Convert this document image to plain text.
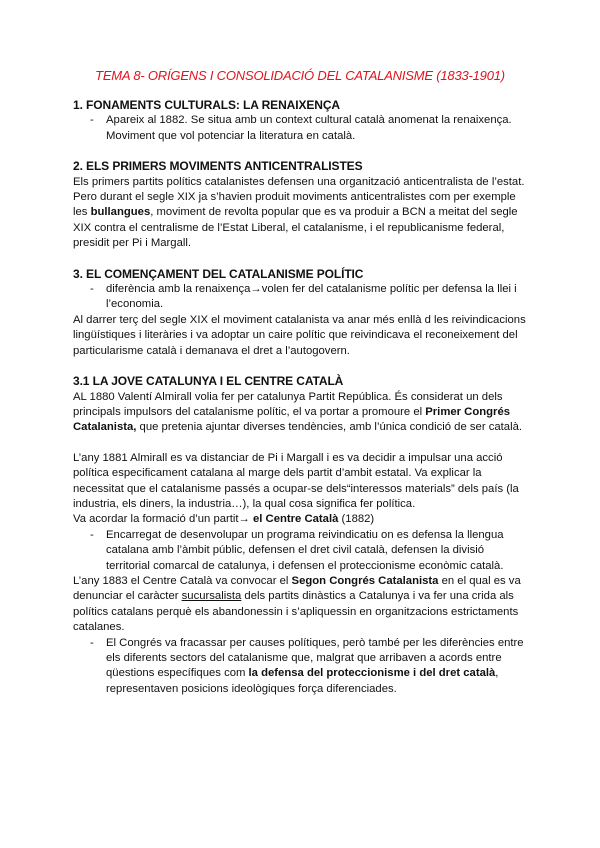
TEMA 8- ORÍGENS I CONSOLIDACIÓ DEL CATALANISME (1833-1901)
1. FONAMENTS CULTURALS: LA RENAIXENÇA
- Apareix al 1882. Se situa amb un context cultural català anomenat la renaixença. Moviment que vol potenciar la literatura en català.
2. ELS PRIMERS MOVIMENTS ANTICENTRALISTES

Els primers partits polítics catalanistes defensen una organització anticentralista de l’estat. Pero durant el segle XIX ja s’havien produit moviments anticentralistes com per exemple les bullangues, moviment de revolta popular que es va produir a BCN a meitat del segle XIX contra el centralisme de l’Estat Liberal, el catalanisme, i el republicanisme federal, presidit per Pi i Margall.

3. EL COMENÇAMENT DEL CATALANISME POLÍTIC
- diferència amb la renaixença→volen fer del catalanisme polític per defensa la llei i l’economia.

Al darrer terç del segle XIX el moviment catalanista va anar més enllà d les reivindicacions lingüístiques i literàries i va adoptar un caire polític que reivindicava el reconeixement del particularisme català i demanava el dret a l’autogovern.

3.1 LA JOVE CATALUNYA I EL CENTRE CATALÀ

AL 1880 Valentí Almirall volia fer per catalunya Partit República. És considerat un dels principals impulsors del catalanisme polític, el va portar a promoure el Primer Congrés Catalanista, que pretenia ajuntar diverses tendències, amb l’única condició de ser català.

L’any 1881 Almirall es va distanciar de Pi i Margall i es va decidir a impulsar una acció política especificament catalana al marge dels partit d’ambit estatal. Va explicar la necessitat que el catalanisme passés a ocupar-se dels“interessos materials” dels país (la industria, els diners, la industria…), la qual cosa significa fer política.

Va acordar la formació d’un partit→ el Centre Català (1882)

- Encarregat de desenvolupar un programa reivindicatiu on es defensa la llengua catalana amb l’àmbit públic, defensen el dret civil català, defensen la divisió territorial comarcal de catalunya, i defensen el proteccionisme econòmic català.

L’any 1883 el Centre Català va convocar el Segon Congrés Catalanista en el qual es va denunciar el caràcter sucursalista dels partits dinàstics a Catalunya i va fer una crida als polítics catalans perquè els abandonessin i s’apliquessin en organitzacions estrictaments catalanes.

- El Congrés va fracassar per causes polítiques, però també per les diferències entre els diferents sectors del catalanisme que, malgrat que arribaven a acords entre qüestions específiques com la defensa del proteccionisme i del dret català, representaven posicions ideològiques força diferenciades.
